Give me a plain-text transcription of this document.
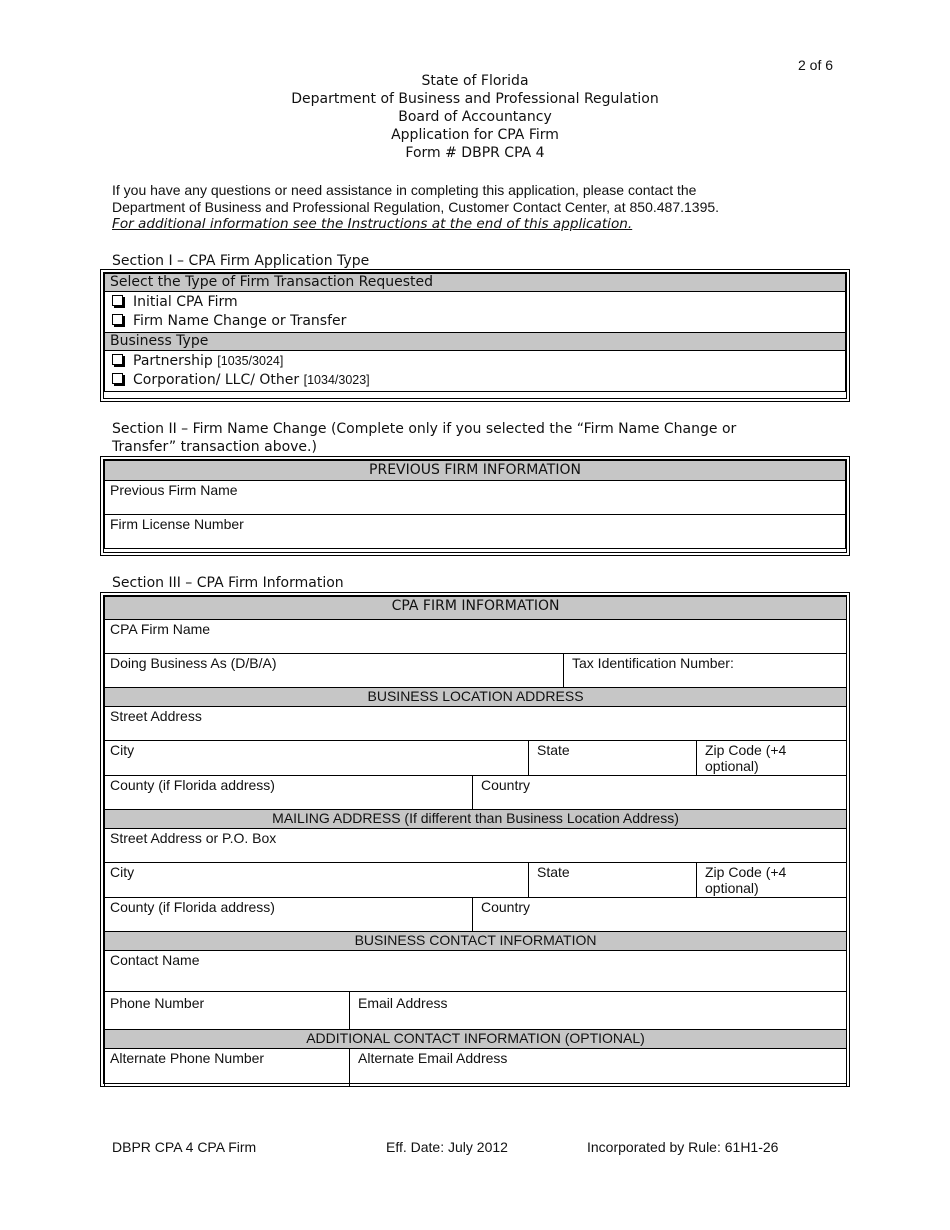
2 of 6
State of Florida
Department of Business and Professional Regulation
Board of Accountancy
Application for CPA Firm
Form # DBPR CPA 4
If you have any questions or need assistance in completing this application, please contact the
Department of Business and Professional Regulation, Customer Contact Center, at 850.487.1395.
For additional information see the Instructions at the end of this application.
Section I – CPA Firm Application Type
Select the Type of Firm Transaction Requested

Initial CPA Firm
Firm Name Change or Transfer

Business Type

Partnership [1035/3024]
Corporation/ LLC/ Other [1034/3023]
Section II – Firm Name Change (Complete only if you selected the “Firm Name Change or
Transfer” transaction above.)
PREVIOUS FIRM INFORMATION
Previous Firm Name
Firm License Number
Section III – CPA Firm Information
CPA FIRM INFORMATION					
CPA Firm Name					
Doing Business As (D/B/A)				Tax Identification Number:	
BUSINESS LOCATION ADDRESS					
Street Address					
City			State		Zip Code (+4 optional)
County (if Florida address)		Country			
MAILING ADDRESS (If different than Business Location Address)					
Street Address or P.O. Box					
City			State		Zip Code (+4 optional)
County (if Florida address)		Country			
BUSINESS CONTACT INFORMATION					
Contact Name					
Phone Number	Email Address				
ADDITIONAL CONTACT INFORMATION (OPTIONAL)					
Alternate Phone Number	Alternate Email Address				
DBPR CPA 4 CPA Firm	Eff. Date: July 2012	Incorporated by Rule: 61H1-26
